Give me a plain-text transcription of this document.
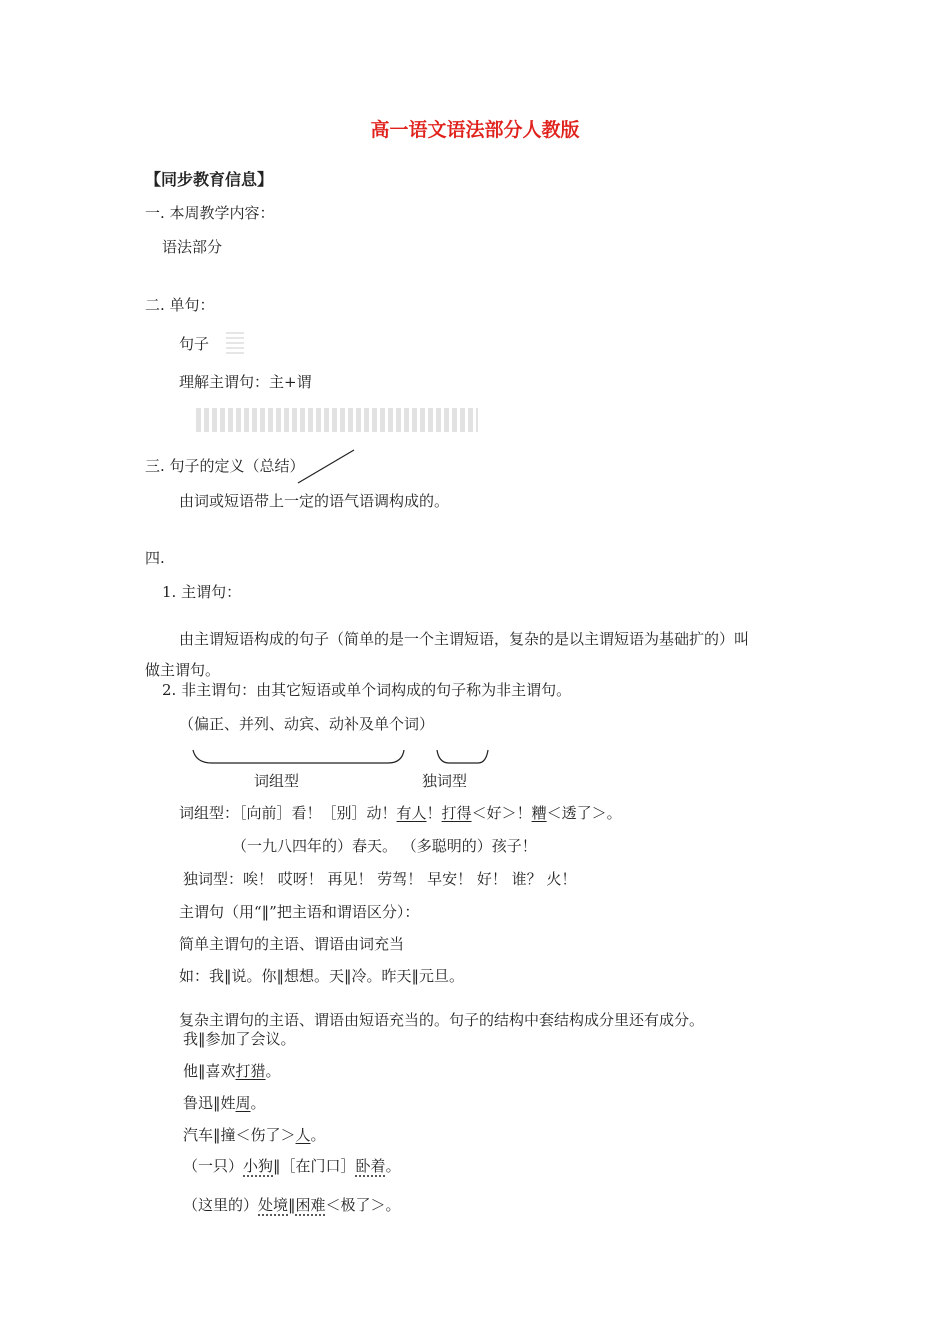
高一语文语法部分人教版
【同步教育信息】
一. 本周教学内容：
语法部分
二. 单句：
句子
理解主谓句：主+谓
三. 句子的定义（总结）
由词或短语带上一定的语气语调构成的。
四.
1. 主谓句：
由主谓短语构成的句子（简单的是一个主谓短语，复杂的是以主谓短语为基础扩的）叫
做主谓句。
2. 非主谓句：由其它短语或单个词构成的句子称为非主谓句。
（偏正、并列、动宾、动补及单个词）
词组型	独词型
词组型：［向前］看！［别］动！有人！打得＜好＞！糟＜透了＞。
（一九八四年的）春天。 （多聪明的）孩子！
独词型：唉！ 哎呀！ 再见！ 劳驾！ 早安！ 好！ 谁？ 火！
主谓句（用“‖”把主语和谓语区分）：
简单主谓句的主语、谓语由词充当
如：我‖说。你‖想想。天‖冷。昨天‖元旦。
复杂主谓句的主语、谓语由短语充当的。句子的结构中套结构成分里还有成分。
我‖参加了会议。
他‖喜欢打猎。
鲁迅‖姓周。
汽车‖撞＜伤了＞人。
（一只）小狗‖［在门口］卧着。
（这里的）处境‖困难＜极了＞。
